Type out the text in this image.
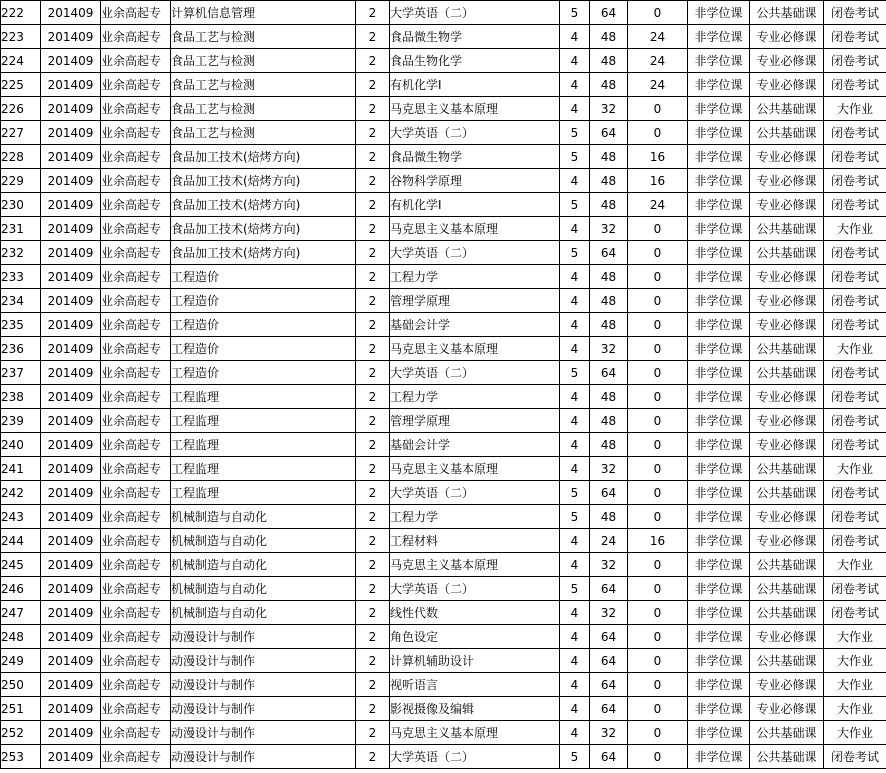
222	201409	业余高起专	计算机信息管理	2	大学英语（二）	5	64	0	非学位课	公共基础课	闭卷考试
223	201409	业余高起专	食品工艺与检测	2	食品微生物学	4	48	24	非学位课	专业必修课	闭卷考试
224	201409	业余高起专	食品工艺与检测	2	食品生物化学	4	48	24	非学位课	专业必修课	闭卷考试
225	201409	业余高起专	食品工艺与检测	2	有机化学I	4	48	24	非学位课	专业必修课	闭卷考试
226	201409	业余高起专	食品工艺与检测	2	马克思主义基本原理	4	32	0	非学位课	公共基础课	大作业
227	201409	业余高起专	食品工艺与检测	2	大学英语（二）	5	64	0	非学位课	公共基础课	闭卷考试
228	201409	业余高起专	食品加工技术(焙烤方向)	2	食品微生物学	5	48	16	非学位课	专业必修课	闭卷考试
229	201409	业余高起专	食品加工技术(焙烤方向)	2	谷物科学原理	4	48	16	非学位课	专业必修课	闭卷考试
230	201409	业余高起专	食品加工技术(焙烤方向)	2	有机化学I	5	48	24	非学位课	专业必修课	闭卷考试
231	201409	业余高起专	食品加工技术(焙烤方向)	2	马克思主义基本原理	4	32	0	非学位课	公共基础课	大作业
232	201409	业余高起专	食品加工技术(焙烤方向)	2	大学英语（二）	5	64	0	非学位课	公共基础课	闭卷考试
233	201409	业余高起专	工程造价	2	工程力学	4	48	0	非学位课	专业必修课	闭卷考试
234	201409	业余高起专	工程造价	2	管理学原理	4	48	0	非学位课	专业必修课	闭卷考试
235	201409	业余高起专	工程造价	2	基础会计学	4	48	0	非学位课	专业必修课	闭卷考试
236	201409	业余高起专	工程造价	2	马克思主义基本原理	4	32	0	非学位课	公共基础课	大作业
237	201409	业余高起专	工程造价	2	大学英语（二）	5	64	0	非学位课	公共基础课	闭卷考试
238	201409	业余高起专	工程监理	2	工程力学	4	48	0	非学位课	专业必修课	闭卷考试
239	201409	业余高起专	工程监理	2	管理学原理	4	48	0	非学位课	专业必修课	闭卷考试
240	201409	业余高起专	工程监理	2	基础会计学	4	48	0	非学位课	专业必修课	闭卷考试
241	201409	业余高起专	工程监理	2	马克思主义基本原理	4	32	0	非学位课	公共基础课	大作业
242	201409	业余高起专	工程监理	2	大学英语（二）	5	64	0	非学位课	公共基础课	闭卷考试
243	201409	业余高起专	机械制造与自动化	2	工程力学	5	48	0	非学位课	专业必修课	闭卷考试
244	201409	业余高起专	机械制造与自动化	2	工程材料	4	24	16	非学位课	专业必修课	闭卷考试
245	201409	业余高起专	机械制造与自动化	2	马克思主义基本原理	4	32	0	非学位课	公共基础课	大作业
246	201409	业余高起专	机械制造与自动化	2	大学英语（二）	5	64	0	非学位课	公共基础课	闭卷考试
247	201409	业余高起专	机械制造与自动化	2	线性代数	4	32	0	非学位课	公共基础课	闭卷考试
248	201409	业余高起专	动漫设计与制作	2	角色设定	4	64	0	非学位课	专业必修课	大作业
249	201409	业余高起专	动漫设计与制作	2	计算机辅助设计	4	64	0	非学位课	公共基础课	大作业
250	201409	业余高起专	动漫设计与制作	2	视听语言	4	64	0	非学位课	专业必修课	大作业
251	201409	业余高起专	动漫设计与制作	2	影视摄像及编辑	4	64	0	非学位课	专业必修课	大作业
252	201409	业余高起专	动漫设计与制作	2	马克思主义基本原理	4	32	0	非学位课	公共基础课	大作业
253	201409	业余高起专	动漫设计与制作	2	大学英语（二）	5	64	0	非学位课	公共基础课	闭卷考试
